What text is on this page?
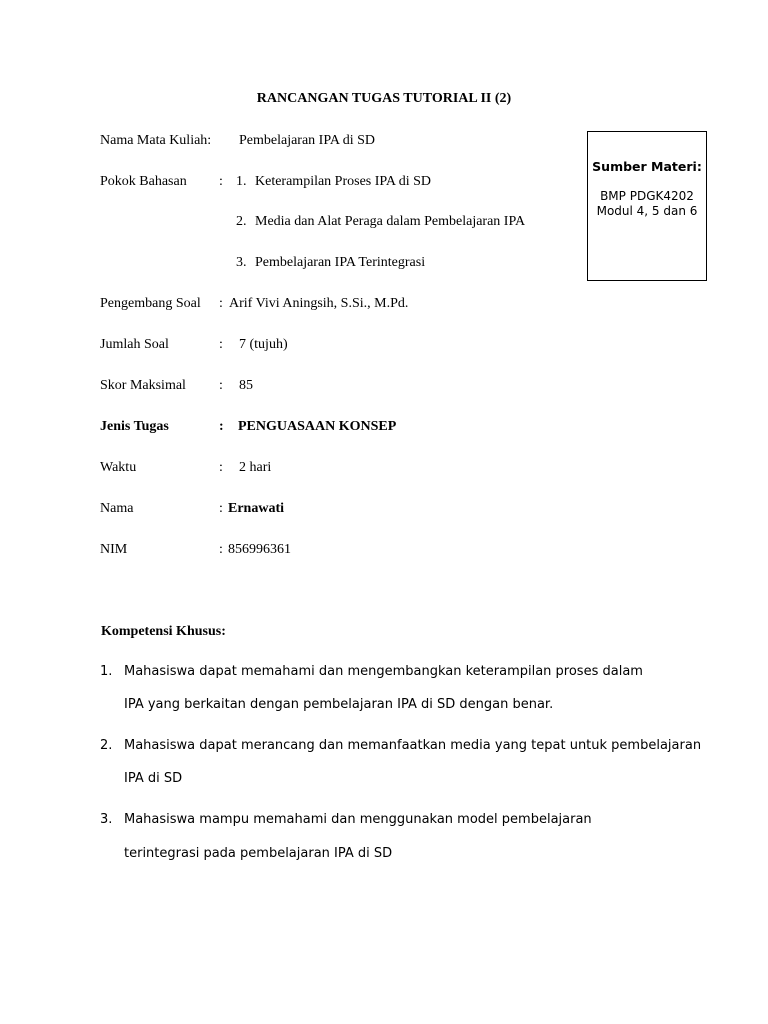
RANCANGAN TUGAS TUTORIAL II (2)
Sumber Materi:
BMP PDGK4202
Modul 4, 5 dan 6
Nama Mata Kuliah: Pembelajaran IPA di SD
Pokok Bahasan : 1. Keterampilan Proses IPA di SD
2. Media dan Alat Peraga dalam Pembelajaran IPA
3. Pembelajaran IPA Terintegrasi
Pengembang Soal : Arif Vivi Aningsih, S.Si., M.Pd.
Jumlah Soal	: 7 (tujuh)
Skor Maksimal : 85
Jenis Tugas	: PENGUASAAN KONSEP
Waktu	: 2 hari
Nama	: Ernawati
NIM	: 856996361
Kompetensi Khusus:
1. Mahasiswa dapat memahami dan mengembangkan keterampilan proses dalam
IPA yang berkaitan dengan pembelajaran IPA di SD dengan benar.
2. Mahasiswa dapat merancang dan memanfaatkan media yang tepat untuk pembelajaran
IPA di SD
3. Mahasiswa mampu memahami dan menggunakan model pembelajaran
terintegrasi pada pembelajaran IPA di SD
